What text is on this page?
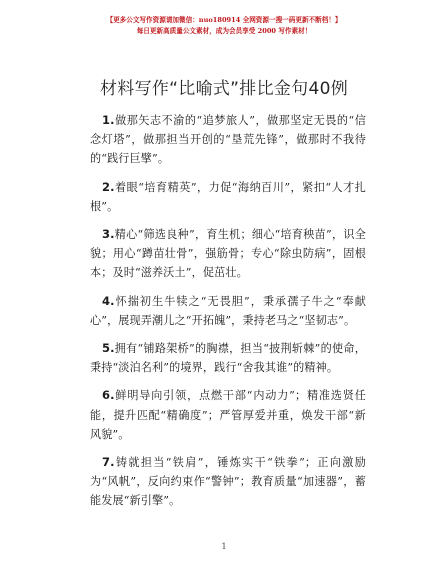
【更多公文写作资源请加微信：nuo180914 全网资源一搜一码更新不断档！】
每日更新高质量公文素材，成为会员享受 2000 写作素材！
材料写作“比喻式”排比金句40例

1.做那矢志不渝的“追梦旅人”，做那坚定无畏的“信念灯塔”，做那担当开创的“垦荒先锋”，做那时不我待的“践行巨擘”。

2.着眼“培育精英”，力促“海纳百川”，紧扣“人才扎根”。

3.精心“筛选良种”，育生机；细心“培育秧苗”，识全貌；用心“蹲苗壮骨”，强筋骨；专心“除虫防病”，固根本；及时“滋养沃土”，促茁壮。

4.怀揣初生牛犊之“无畏胆”，秉承孺子牛之“奉献心”，展现弄潮儿之“开拓魄”，秉持老马之“坚韧志”。

5.拥有“铺路架桥”的胸襟，担当“披荆斩棘”的使命，秉持“淡泊名利”的境界，践行“舍我其谁”的精神。

6.鲜明导向引领，点燃干部“内动力”；精准选贤任能，提升匹配“精确度”；严管厚爱并重，焕发干部“新风貌”。

7.铸就担当“铁肩”，锤炼实干“铁拳”；正向激励为“风帆”，反向约束作“警钟”；教育质量“加速器”，蓄能发展“新引擎”。

1
